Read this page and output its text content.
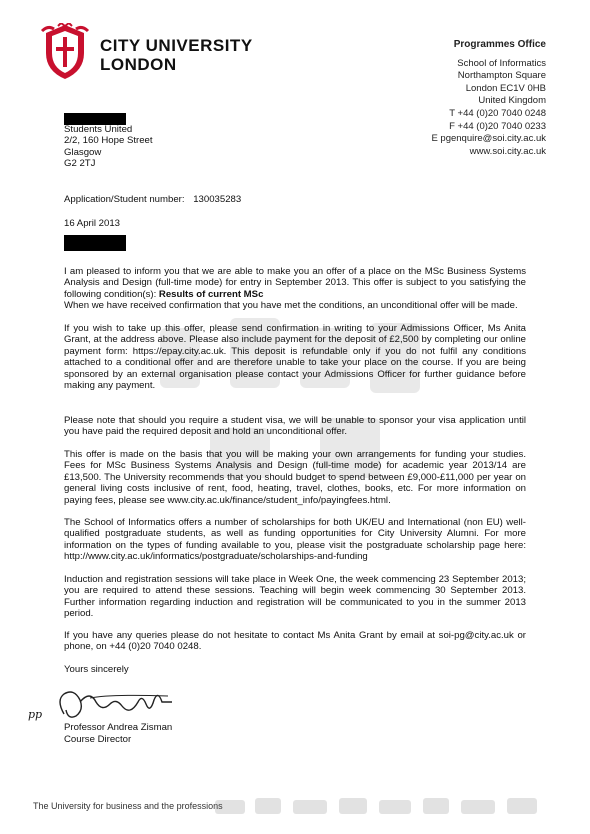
CITY UNIVERSITY
LONDON
Programmes Office
School of Informatics
Northampton Square
London EC1V 0HB
United Kingdom
T +44 (0)20 7040 0248
F +44 (0)20 7040 0233
E pgenquire@soi.city.ac.uk
www.soi.city.ac.uk
Students United
2/2, 160 Hope Street
Glasgow
G2 2TJ
Application/Student number: 130035283
16 April 2013

I am pleased to inform you that we are able to make you an offer of a place on the MSc Business Systems Analysis and Design (full-time mode) for entry in September 2013. This offer is subject to you satisfying the following condition(s): Results of current MSc

When we have received confirmation that you have met the conditions, an unconditional offer will be made.

If you wish to take up this offer, please send confirmation in writing to your Admissions Officer, Ms Anita Grant, at the address above. Please also include payment for the deposit of £2,500 by completing our online payment form: https://epay.city.ac.uk. This deposit is refundable only if you do not fulfil any conditions attached to a conditional offer and are therefore unable to take your place on the course. If you are being sponsored by an external organisation please contact your Admissions Officer for further guidance before making any payment.
Please note that should you require a student visa, we will be unable to sponsor your visa application until you have paid the required deposit and hold an unconditional offer.
This offer is made on the basis that you will be making your own arrangements for funding your studies. Fees for MSc Business Systems Analysis and Design (full-time mode) for academic year 2013/14 are £13,500. The University recommends that you should budget to spend between £9,000-£11,000 per year on general living costs inclusive of rent, food, heating, travel, clothes, books, etc. For more information on paying fees, please see www.city.ac.uk/finance/student_info/payingfees.html.
The School of Informatics offers a number of scholarships for both UK/EU and International (non EU) well-qualified postgraduate students, as well as funding opportunities for City University Alumni. For more information on the types of funding available to you, please visit the postgraduate scholarship page here: http://www.city.ac.uk/informatics/postgraduate/scholarships-and-funding
Induction and registration sessions will take place in Week One, the week commencing 23 September 2013; you are required to attend these sessions. Teaching will begin week commencing 30 September 2013. Further information regarding induction and registration will be communicated to you in the summer 2013 period.
If you have any queries please do not hesitate to contact Ms Anita Grant by email at soi-pg@city.ac.uk or phone, on +44 (0)20 7040 0248.
Yours sincerely
pp
Professor Andrea Zisman
Course Director
The University for business and the professions
